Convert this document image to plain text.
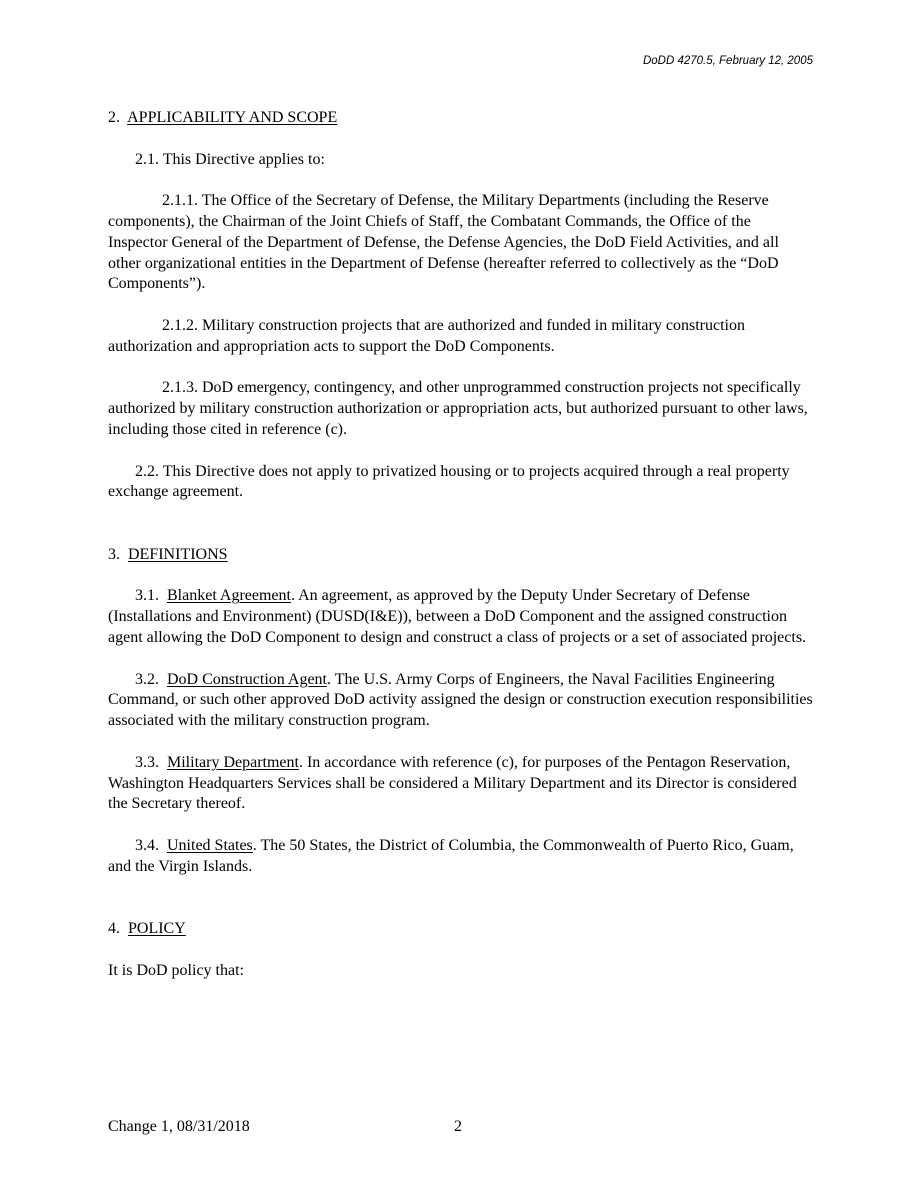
DoDD 4270.5, February 12, 2005

2. APPLICABILITY AND SCOPE

2.1. This Directive applies to:

2.1.1. The Office of the Secretary of Defense, the Military Departments (including the Reserve components), the Chairman of the Joint Chiefs of Staff, the Combatant Commands, the Office of the Inspector General of the Department of Defense, the Defense Agencies, the DoD Field Activities, and all other organizational entities in the Department of Defense (hereafter referred to collectively as the “DoD Components”).

2.1.2. Military construction projects that are authorized and funded in military construction authorization and appropriation acts to support the DoD Components.

2.1.3. DoD emergency, contingency, and other unprogrammed construction projects not specifically authorized by military construction authorization or appropriation acts, but authorized pursuant to other laws, including those cited in reference (c).

2.2. This Directive does not apply to privatized housing or to projects acquired through a real property exchange agreement.

3. DEFINITIONS

3.1. Blanket Agreement. An agreement, as approved by the Deputy Under Secretary of Defense (Installations and Environment) (DUSD(I&E)), between a DoD Component and the assigned construction agent allowing the DoD Component to design and construct a class of projects or a set of associated projects.

3.2. DoD Construction Agent. The U.S. Army Corps of Engineers, the Naval Facilities Engineering Command, or such other approved DoD activity assigned the design or construction execution responsibilities associated with the military construction program.

3.3. Military Department. In accordance with reference (c), for purposes of the Pentagon Reservation, Washington Headquarters Services shall be considered a Military Department and its Director is considered the Secretary thereof.

3.4. United States. The 50 States, the District of Columbia, the Commonwealth of Puerto Rico, Guam, and the Virgin Islands.

4. POLICY

It is DoD policy that:

Change 1, 08/31/2018	2
